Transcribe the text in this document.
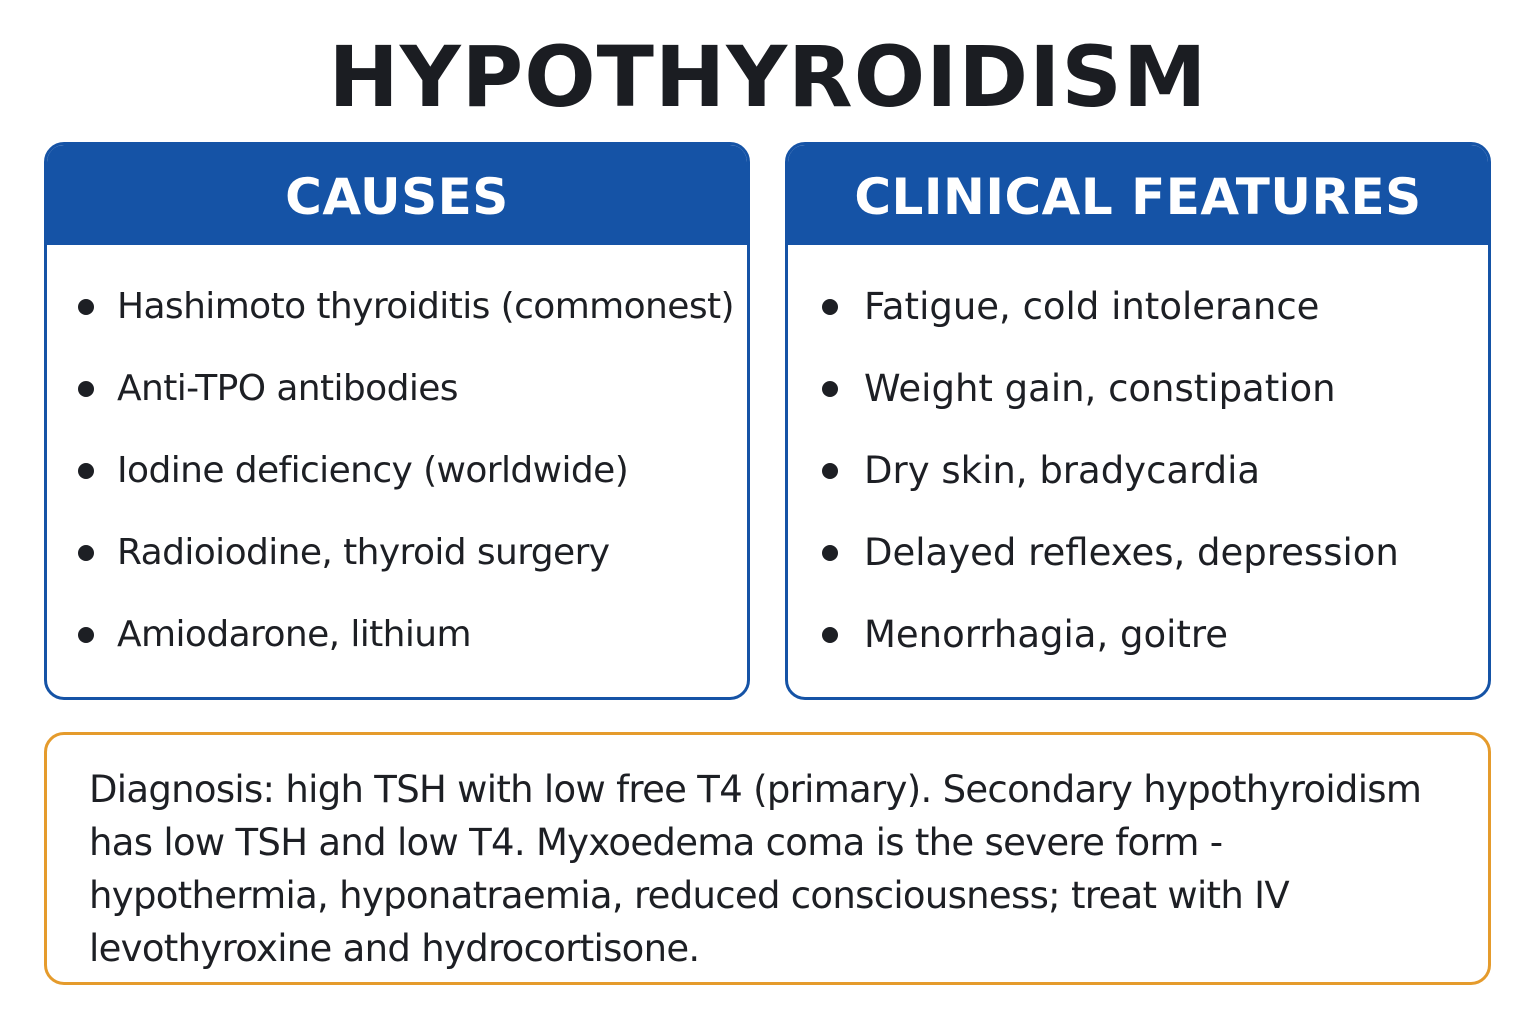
HYPOTHYROIDISM
CAUSES
Hashimoto thyroiditis (commonest)
Anti-TPO antibodies
Iodine deficiency (worldwide)
Radioiodine, thyroid surgery
Amiodarone, lithium
CLINICAL FEATURES
Fatigue, cold intolerance
Weight gain, constipation
Dry skin, bradycardia
Delayed reflexes, depression
Menorrhagia, goitre

Diagnosis: high TSH with low free T4 (primary). Secondary hypothyroidism has low TSH and low T4. Myxoedema coma is the severe form - hypothermia, hyponatraemia, reduced consciousness; treat with IV levothyroxine and hydrocortisone.
